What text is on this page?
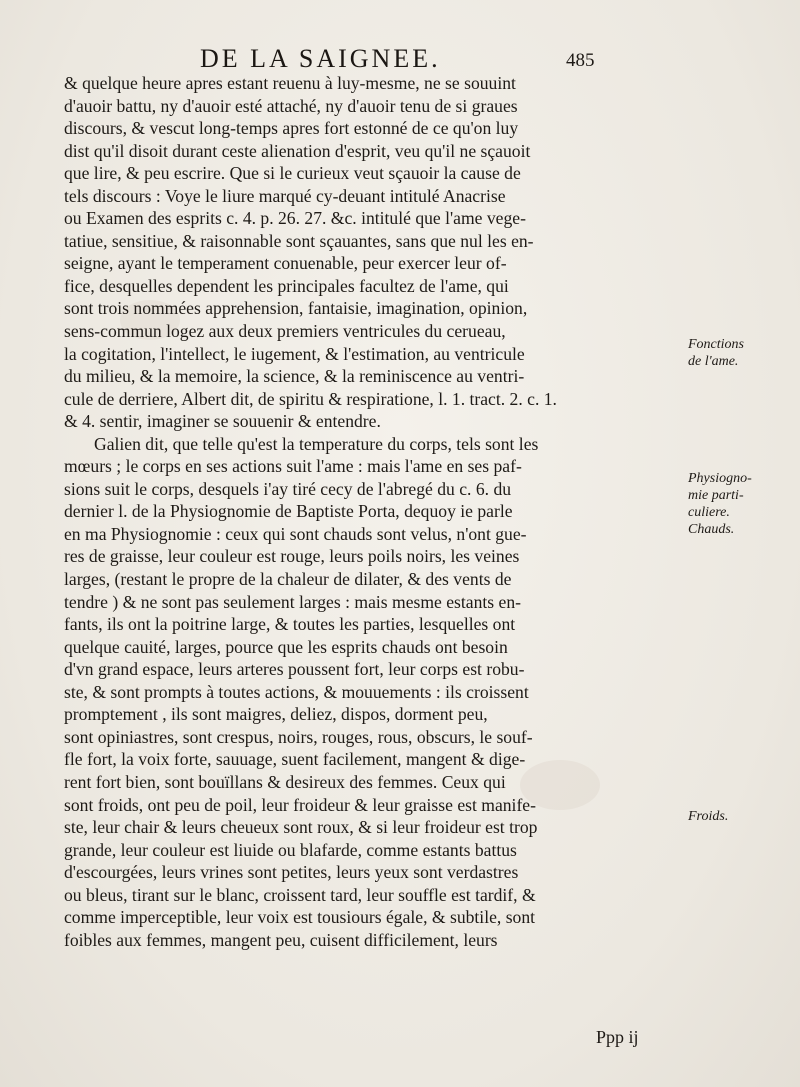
DE LA SAIGNEE.	485
& quelque heure apres estant reuenu à luy-mesme, ne se souuint
d'auoir battu, ny d'auoir esté attaché, ny d'auoir tenu de si graues
discours, & vescut long-temps apres fort estonné de ce qu'on luy
dist qu'il disoit durant ceste alienation d'esprit, veu qu'il ne sçauoit
que lire, & peu escrire. Que si le curieux veut sçauoir la cause de
tels discours : Voye le liure marqué cy-deuant intitulé Anacrise
ou Examen des esprits c. 4. p. 26. 27. &c. intitulé que l'ame vege-
tatiue, sensitiue, & raisonnable sont sçauantes, sans que nul les en-
seigne, ayant le temperament conuenable, peur exercer leur of-
fice, desquelles dependent les principales facultez de l'ame, qui
sont trois nommées apprehension, fantaisie, imagination, opinion,
sens-commun logez aux deux premiers ventricules du cerueau,
la cogitation, l'intellect, le iugement, & l'estimation, au ventricule
du milieu, & la memoire, la science, & la reminiscence au ventri-
cule de derriere, Albert dit, de spiritu & respiratione, l. 1. tract. 2. c. 1.
& 4. sentir, imaginer se souuenir & entendre.
Galien dit, que telle qu'est la temperature du corps, tels sont les
mœurs ; le corps en ses actions suit l'ame : mais l'ame en ses paf-
sions suit le corps, desquels i'ay tiré cecy de l'abregé du c. 6. du
dernier l. de la Physiognomie de Baptiste Porta, dequoy ie parle
en ma Physiognomie : ceux qui sont chauds sont velus, n'ont gue-
res de graisse, leur couleur est rouge, leurs poils noirs, les veines
larges, (restant le propre de la chaleur de dilater, & des vents de
tendre ) & ne sont pas seulement larges : mais mesme estants en-
fants, ils ont la poitrine large, & toutes les parties, lesquelles ont
quelque cauité, larges, pource que les esprits chauds ont besoin
d'vn grand espace, leurs arteres poussent fort, leur corps est robu-
ste, & sont prompts à toutes actions, & mouuements : ils croissent
promptement , ils sont maigres, deliez, dispos, dorment peu,
sont opiniastres, sont crespus, noirs, rouges, rous, obscurs, le souf-
fle fort, la voix forte, sauuage, suent facilement, mangent & dige-
rent fort bien, sont bouïllans & desireux des femmes. Ceux qui
sont froids, ont peu de poil, leur froideur & leur graisse est manife-
ste, leur chair & leurs cheueux sont roux, & si leur froideur est trop
grande, leur couleur est liuide ou blafarde, comme estants battus
d'escourgées, leurs vrines sont petites, leurs yeux sont verdastres
ou bleus, tirant sur le blanc, croissent tard, leur souffle est tardif, &
comme imperceptible, leur voix est tousiours égale, & subtile, sont
foibles aux femmes, mangent peu, cuisent difficilement, leurs
Fonctions
de l'ame.
Physiogno-
mie parti-
culiere.
Chauds.
Froids.
Ppp ij
